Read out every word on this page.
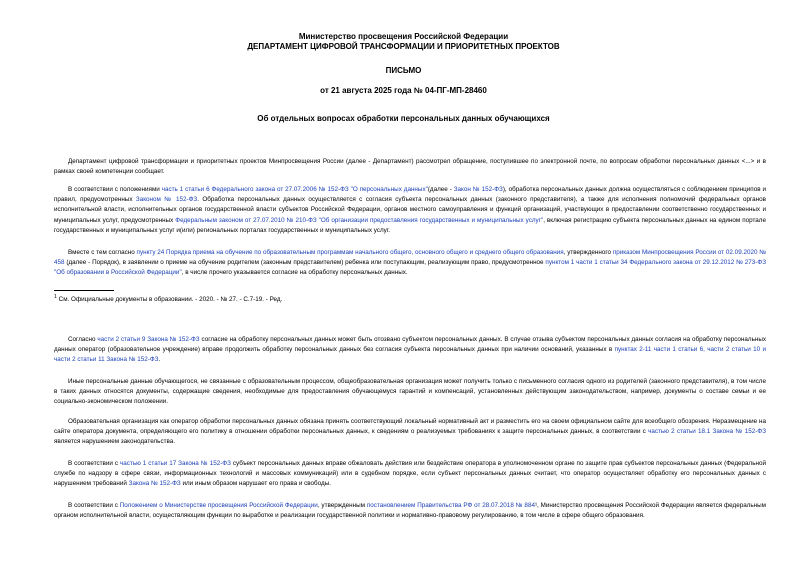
Министерство просвещения Российской Федерации
ДЕПАРТАМЕНТ ЦИФРОВОЙ ТРАНСФОРМАЦИИ И ПРИОРИТЕТНЫХ ПРОЕКТОВ
ПИСЬМО
от 21 августа 2025 года № 04-ПГ-МП-28460
Об отдельных вопросах обработки персональных данных обучающихся
Департамент цифровой трансформации и приоритетных проектов Минпросвещения России (далее - Департамент) рассмотрел обращение, поступившее по электронной почте, по вопросам обработки персональных данных <...> и в рамках своей компетенции сообщает.
В соответствии с положениями часть 1 статьи 6 Федерального закона от 27.07.2006 № 152-ФЗ "О персональных данных"(далее - Закон № 152-ФЗ), обработка персональных данных должна осуществляться с соблюдением принципов и правил, предусмотренных Законом № 152-ФЗ. Обработка персональных данных осуществляется с согласия субъекта персональных данных (законного представителя), а также для исполнения полномочий федеральных органов исполнительной власти, исполнительных органов государственной власти субъектов Российской Федерации, органов местного самоуправления и функций организаций, участвующих в предоставлении соответственно государственных и муниципальных услуг, предусмотренных Федеральным законом от 27.07.2010 № 210-ФЗ "Об организации предоставления государственных и муниципальных услуг", включая регистрацию субъекта персональных данных на едином портале государственных и муниципальных услуг и(или) региональных порталах государственных и муниципальных услуг.
Вместе с тем согласно пункту 24 Порядка приема на обучение по образовательным программам начального общего, основного общего и среднего общего образования, утвержденного приказом Минпросвещения России от 02.09.2020 № 458 (далее - Порядок), в заявлении о приеме на обучение родителем (законным представителем) ребенка или поступающим, реализующим право, предусмотренное пунктом 1 части 1 статьи 34 Федерального закона от 29.12.2012 № 273-ФЗ "Об образовании в Российской Федерации", в числе прочего указывается согласие на обработку персональных данных.
$^1$ См. Официальные документы в образовании. - 2020. - № 27. - С.7-19. - Ред.
Согласно части 2 статьи 9 Закона № 152-ФЗ согласие на обработку персональных данных может быть отозвано субъектом персональных данных. В случае отзыва субъектом персональных данных согласия на обработку персональных данных оператор (образовательное учреждение) вправе продолжить обработку персональных данных без согласия субъекта персональных данных при наличии оснований, указанных в пунктах 2-11 части 1 статьи 6, части 2 статьи 10 и части 2 статьи 11 Закона № 152-ФЗ.
Иные персональные данные обучающегося, не связанные с образовательным процессом, общеобразовательная организация может получить только с письменного согласия одного из родителей (законного представителя), в том числе в таких данных относятся документы, содержащие сведения, необходимые для предоставления обучающемуся гарантий и компенсаций, установленных действующим законодательством, например, документы о составе семьи и ее социально-экономическом положении.
Образовательная организация как оператор обработки персональных данных обязана принять соответствующий локальный нормативный акт и разместить его на своем официальном сайте для всеобщего обозрения. Неразмещение на сайте оператора документа, определяющего его политику в отношении обработки персональных данных, к сведениям о реализуемых требованиях к защите персональных данных, в соответствии с частью 2 статьи 18.1 Закона № 152-ФЗ является нарушением законодательства.
В соответствии с частью 1 статьи 17 Закона № 152-ФЗ субъект персональных данных вправе обжаловать действия или бездействие оператора в уполномоченном органе по защите прав субъектов персональных данных (Федеральной службе по надзору в сфере связи, информационных технологий и массовых коммуникаций) или в судебном порядке, если субъект персональных данных считает, что оператор осуществляет обработку его персональных данных с нарушением требований Закона № 152-ФЗ или иным образом нарушает его права и свободы.
В соответствии с Положением о Министерстве просвещения Российской Федерации, утвержденным постановлением Правительства РФ от 28.07.2018 № 884¹, Министерство просвещения Российской Федерации является федеральным органом исполнительной власти, осуществляющим функции по выработке и реализации государственной политики и нормативно-правовому регулированию, в том числе в сфере общего образования.
